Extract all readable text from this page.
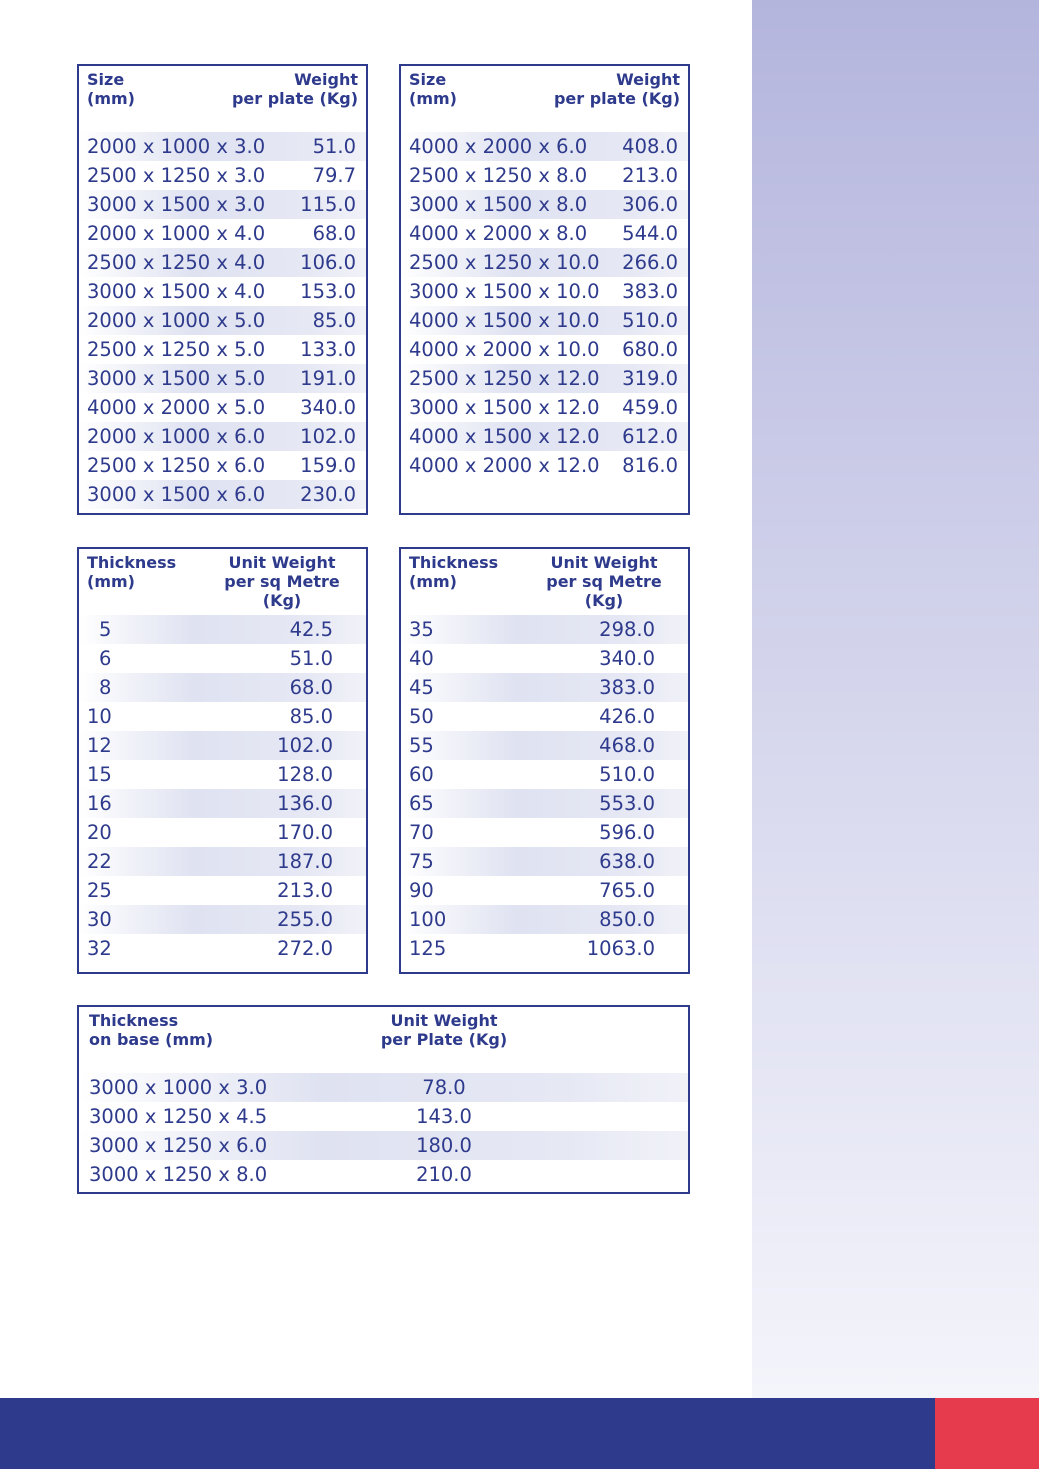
Size
(mm)
Weight
per plate (Kg)
2000 x 1000 x 3.0 51.0
2500 x 1250 x 3.0 79.7
3000 x 1500 x 3.0 115.0
2000 x 1000 x 4.0 68.0
2500 x 1250 x 4.0 106.0
3000 x 1500 x 4.0 153.0
2000 x 1000 x 5.0 85.0
2500 x 1250 x 5.0 133.0
3000 x 1500 x 5.0 191.0
4000 x 2000 x 5.0 340.0
2000 x 1000 x 6.0 102.0
2500 x 1250 x 6.0 159.0
3000 x 1500 x 6.0 230.0
Size
(mm)
Weight
per plate (Kg)
4000 x 2000 x 6.0 408.0
2500 x 1250 x 8.0 213.0
3000 x 1500 x 8.0 306.0
4000 x 2000 x 8.0 544.0
2500 x 1250 x 10.0 266.0
3000 x 1500 x 10.0 383.0
4000 x 1500 x 10.0 510.0
4000 x 2000 x 10.0 680.0
2500 x 1250 x 12.0 319.0
3000 x 1500 x 12.0 459.0
4000 x 1500 x 12.0 612.0
4000 x 2000 x 12.0 816.0
Thickness
(mm)
Unit Weight
per sq Metre (Kg)
5	42.5
6	51.0
8	68.0
10	85.0
12	102.0
15	128.0
16	136.0
20	170.0
22	187.0
25	213.0
30	255.0
32	272.0
Thickness
(mm)
Unit Weight
per sq Metre (Kg)
35	298.0
40	340.0
45	383.0
50	426.0
55	468.0
60	510.0
65	553.0
70	596.0
75	638.0
90	765.0
100	850.0
125	1063.0
Thickness
on base (mm)
Unit Weight
per Plate (Kg)
3000 x 1000 x 3.0	78.0
3000 x 1250 x 4.5	143.0
3000 x 1250 x 6.0	180.0
3000 x 1250 x 8.0	210.0
